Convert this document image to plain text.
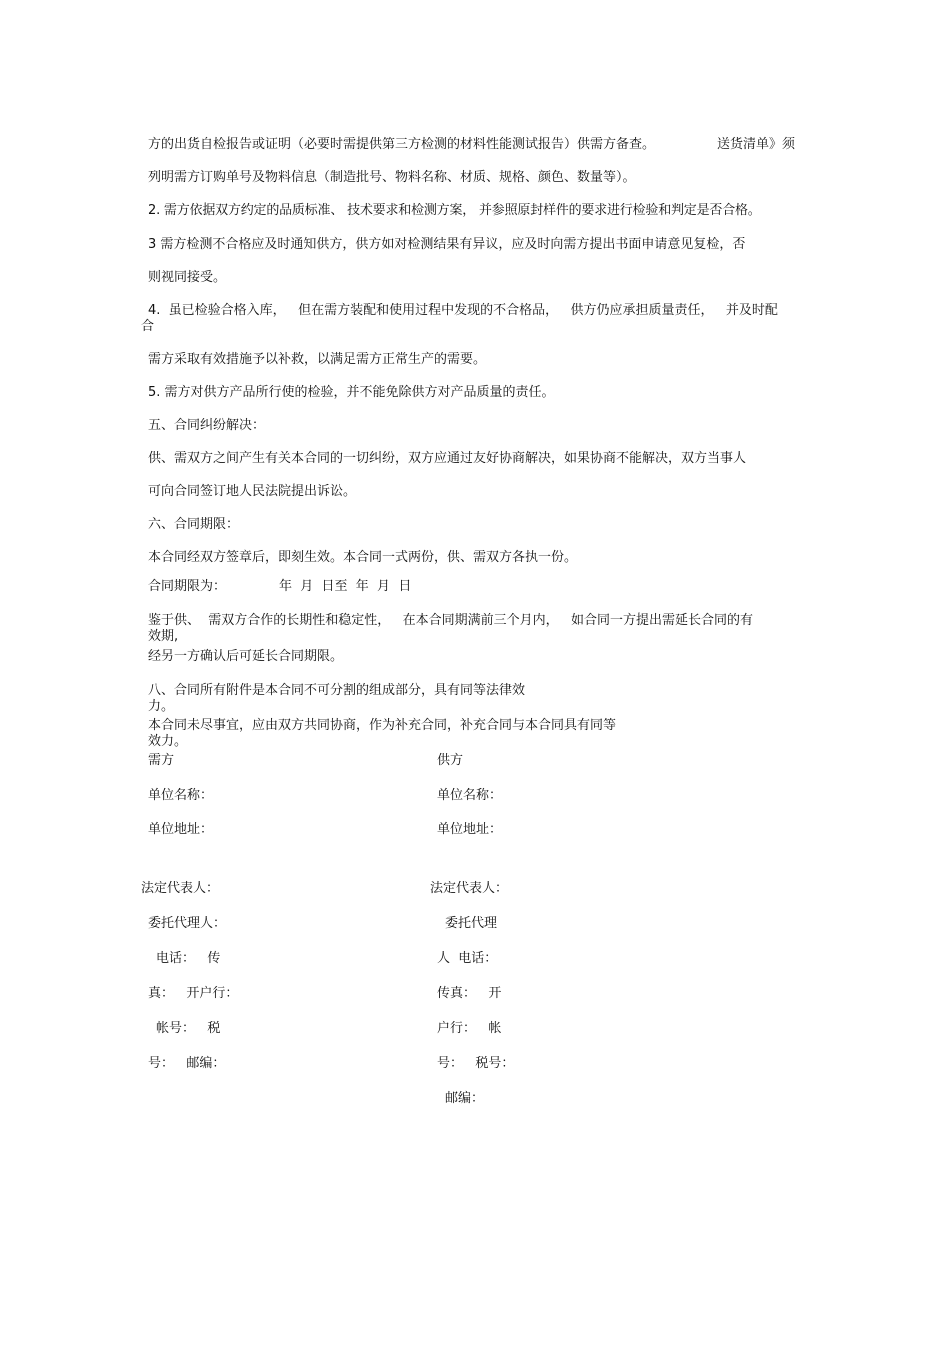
方的出货自检报告或证明（必要时需提供第三方检测的材料性能测试报告）供需方备查。	送货清单》须
列明需方订购单号及物料信息（制造批号、物料名称、材质、规格、颜色、数量等）。
2. 需方依据双方约定的品质标准、 技术要求和检测方案， 并参照原封样件的要求进行检验和判定是否合格。
3 需方检测不合格应及时通知供方，供方如对检测结果有异议，应及时向需方提出书面申请意见复检，否
则视同接受。
4.  虽已检验合格入库，   但在需方装配和使用过程中发现的不合格品，   供方仍应承担质量责任，   并及时配
合
需方采取有效措施予以补救，以满足需方正常生产的需要。
5. 需方对供方产品所行使的检验，并不能免除供方对产品质量的责任。
五、合同纠纷解决：
供、需双方之间产生有关本合同的一切纠纷，双方应通过友好协商解决，如果协商不能解决，双方当事人
可向合同签订地人民法院提出诉讼。
六、合同期限：
本合同经双方签章后，即刻生效。本合同一式两份，供、需双方各执一份。
合同期限为：	年  月  日至  年  月  日
鉴于供、  需双方合作的长期性和稳定性，   在本合同期满前三个月内，   如合同一方提出需延长合同的有
效期,
经另一方确认后可延长合同期限。
八、合同所有附件是本合同不可分割的组成部分，具有同等法律效
力。
本合同未尽事宜，应由双方共同协商，作为补充合同，补充合同与本合同具有同等
效力。
需方
单位名称：
单位地址：
法定代表人：
委托代理人：
电话：   传
真：   开户行：
帐号：   税
号：   邮编：
供方
单位名称：
单位地址：
法定代表人：
委托代理
人  电话：
传真：   开
户行：   帐
号：   税号：
邮编：
